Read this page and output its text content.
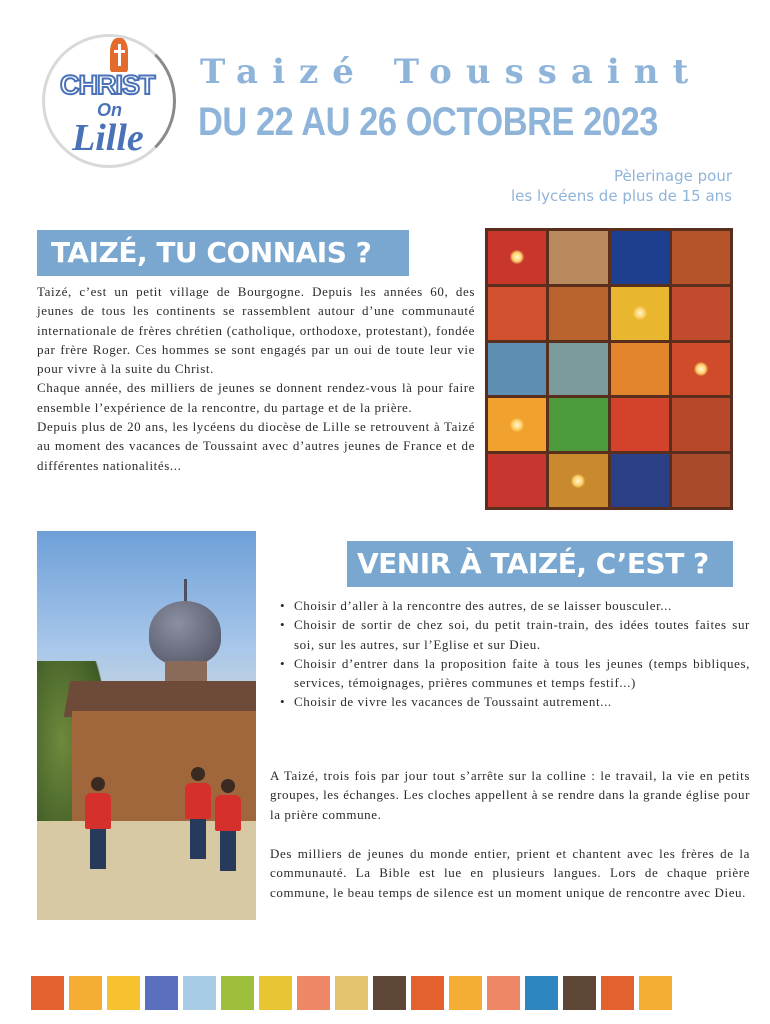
CHRIST
On
Lille
Taizé Toussaint
DU 22 AU 26 OCTOBRE 2023
Pèlerinage pour
les lycéens de plus de 15 ans
TAIZÉ, TU CONNAIS ?

Taizé, c’est un petit village de Bourgogne. Depuis les années 60, des jeunes de tous les continents se rassemblent autour d’une communauté internationale de frères chrétien (catholique, orthodoxe, protestant), fondée par frère Roger. Ces hommes se sont engagés par un oui de toute leur vie pour vivre à la suite du Christ.

Chaque année, des milliers de jeunes se donnent rendez-vous là pour faire ensemble l’expérience de la rencontre, du partage et de la prière.

Depuis plus de 20 ans, les lycéens du diocèse de Lille se retrouvent à Taizé au moment des vacances de Toussaint avec d’autres jeunes de France et de différentes nationalités...

VENIR À TAIZÉ, C’EST ?
• Choisir d’aller à la rencontre des autres, de se laisser bousculer...
• Choisir de sortir de chez soi, du petit train-train, des idées toutes faites sur soi, sur les autres, sur l’Eglise et sur Dieu.
• Choisir d’entrer dans la proposition faite à tous les jeunes (temps bibliques, services, témoignages, prières communes et temps festif...)
• Choisir de vivre les vacances de Toussaint autrement...

A Taizé, trois fois par jour tout s’arrête sur la colline : le travail, la vie en petits groupes, les échanges. Les cloches appellent à se rendre dans la grande église pour la prière commune.

Des milliers de jeunes du monde entier, prient et chantent avec les frères de la communauté. La Bible est lue en plusieurs langues. Lors de chaque prière commune, le beau temps de silence est un moment unique de rencontre avec Dieu.
